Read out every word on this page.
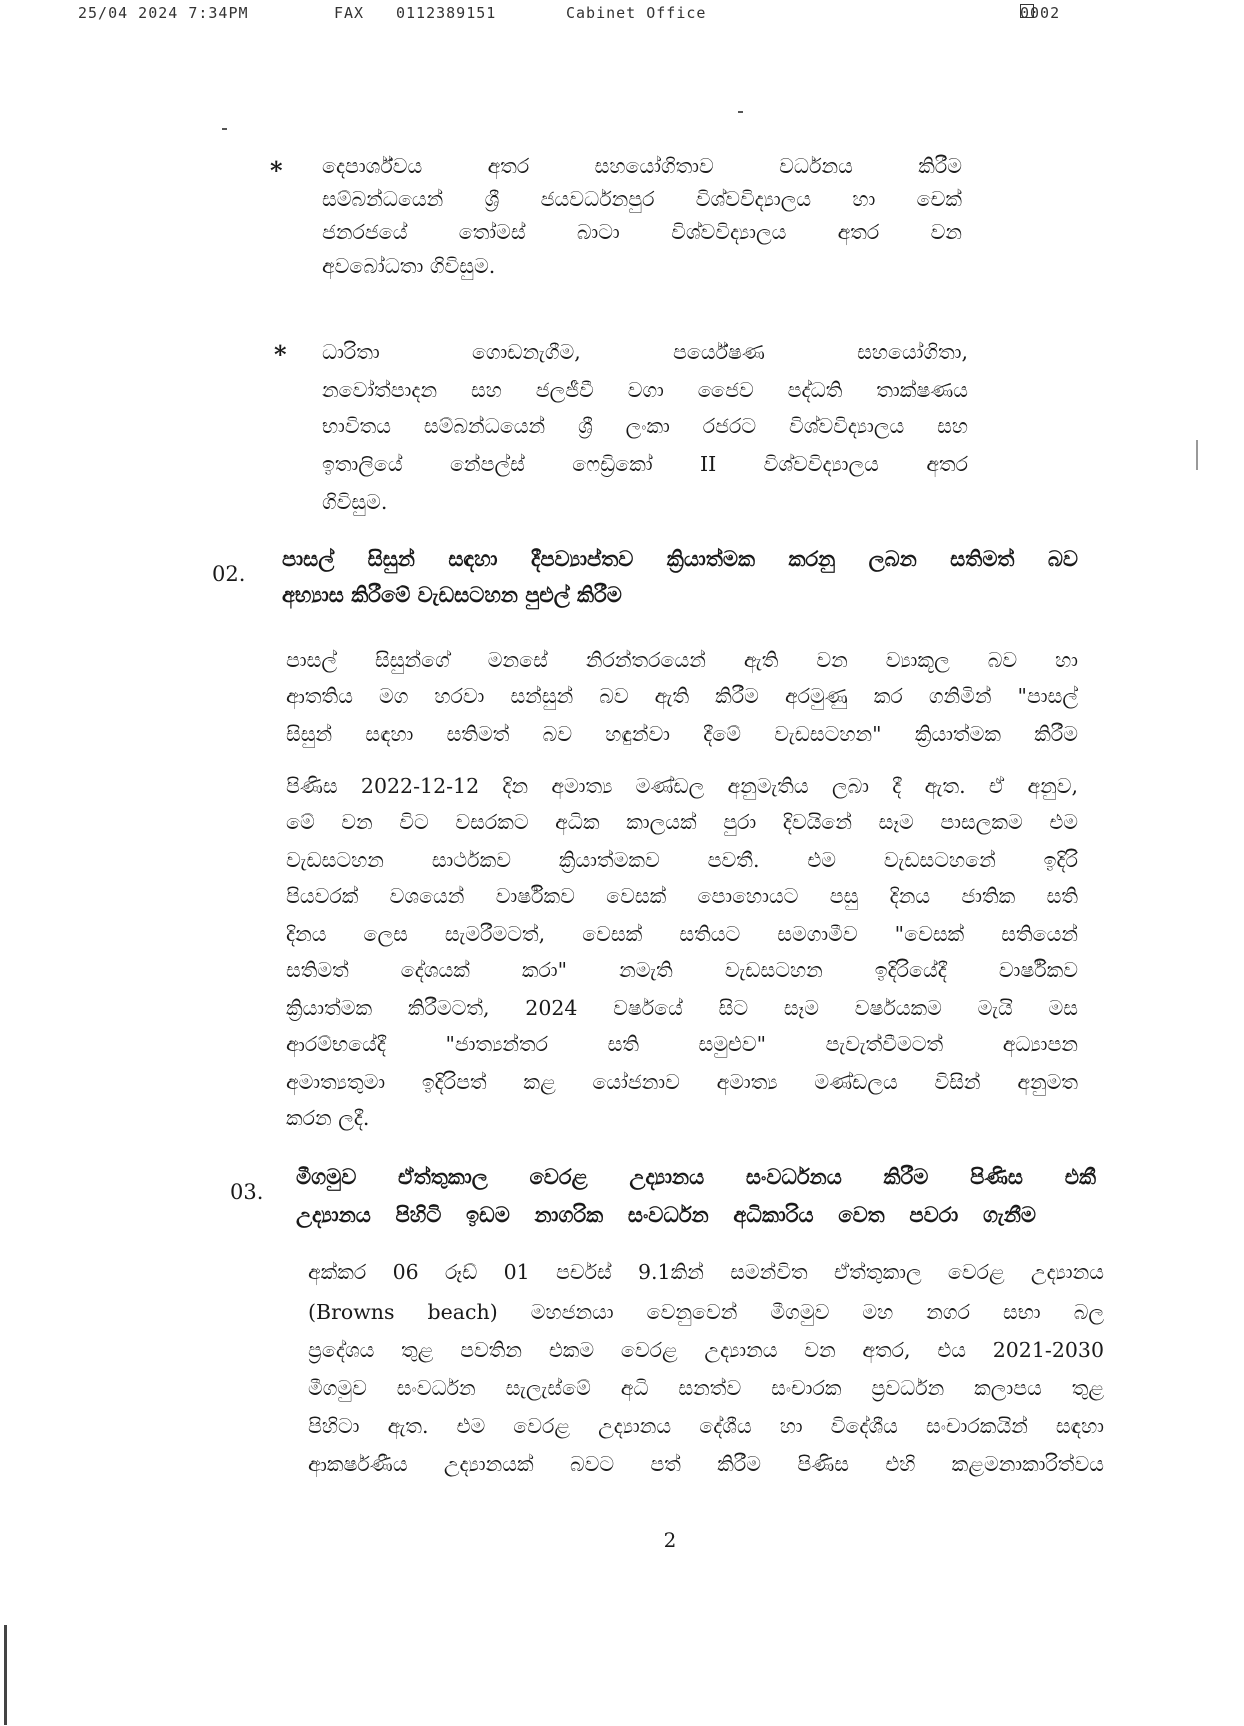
25/04 2024 7:34PM	FAX 0112389151	Cabinet Office	0002
* දෙපාර්ශ්වය අතර සහයෝගිතාව වර්ධනය කිරීම
සම්බන්ධයෙන් ශ්‍රී ජයවර්ධනපුර විශ්වවිද්‍යාලය හා චෙක්
ජනරජයේ තෝමස් බාටා විශ්වවිද්‍යාලය අතර වන
අවබෝධතා ගිවිසුම.
* ධාරිතා ගොඩනැගීම, පර්යේෂණ සහයෝගිතා,
නවෝත්පාදන සහ ජලජීවී වගා ජෛව පද්ධති තාක්ෂණය
භාවිතය සම්බන්ධයෙන් ශ්‍රී ලංකා රජරට විශ්වවිද්‍යාලය සහ
ඉතාලියේ නේපල්ස් ෆෙඩ්‍රිකෝ II විශ්වවිද්‍යාලය අතර
ගිවිසුම.
02.
පාසල් සිසුන් සඳහා දීපව්‍යාප්තව ක්‍රියාත්මක කරනු ලබන සතිමත් බව
අභ්‍යාස කිරීමේ වැඩසටහන පුළුල් කිරීම
පාසල් සිසුන්ගේ මනසේ නිරන්තරයෙන් ඇති වන ව්‍යාකූල බව හා
ආතතිය මග හරවා සන්සුන් බව ඇති කිරීම අරමුණු කර ගනිමින් "පාසල්
සිසුන් සඳහා සතිමත් බව හඳුන්වා දීමේ වැඩසටහන" ක්‍රියාත්මක කිරීම
පිණිස 2022-12-12 දින අමාත්‍ය මණ්ඩල අනුමැතිය ලබා දී ඇත. ඒ අනුව,
මේ වන විට වසරකට අධික කාලයක් පුරා දිවයිනේ සෑම පාසලකම එම
වැඩසටහන සාර්ථකව ක්‍රියාත්මකව පවතී. එම වැඩසටහනේ ඉදිරි
පියවරක් වශයෙන් වාර්ෂිකව වෙසක් පොහොයට පසු දිනය ජාතික සති
දිනය ලෙස සැමරීමටත්, වෙසක් සතියට සමගාමීව "වෙසක් සතියෙන්
සතිමත් දේශයක් කරා" නමැති වැඩසටහන ඉදිරියේදී වාර්ෂිකව
ක්‍රියාත්මක කිරීමටත්, 2024 වර්ෂයේ සිට සෑම වර්ෂයකම මැයි මස
ආරම්භයේදී "ජාත්‍යන්තර සති සමුළුව" පැවැත්වීමටත් අධ්‍යාපන
අමාත්‍යතුමා ඉදිරිපත් කළ යෝජනාව අමාත්‍ය මණ්ඩලය විසින් අනුමත
කරන ලදී.
03.
මීගමුව ඒත්තුකාල වෙරළ උද්‍යානය සංවර්ධනය කිරීම පිණිස එකී
උද්‍යානය පිහිටි ඉඩම නාගරික සංවර්ධන අධිකාරිය වෙත පවරා ගැනීම
අක්කර 06 රූඩ් 01 පර්චස් 9.1කින් සමන්විත ඒත්තුකාල වෙරළ උද්‍යානය
(Browns beach) මහජනයා වෙනුවෙන් මීගමුව මහ නගර සභා බල
ප්‍රදේශය තුළ පවතින එකම වෙරළ උද්‍යානය වන අතර, එය 2021-2030
මීගමුව සංවර්ධන සැලැස්මේ අධි සනත්ව සංචාරක ප්‍රවර්ධන කලාපය තුළ
පිහිටා ඇත. එම වෙරළ උද්‍යානය දේශීය හා විදේශීය සංචාරකයින් සඳහා
ආකර්ෂණීය උද්‍යානයක් බවට පත් කිරීම පිණිස එහි කළමනාකාරිත්වය
2
